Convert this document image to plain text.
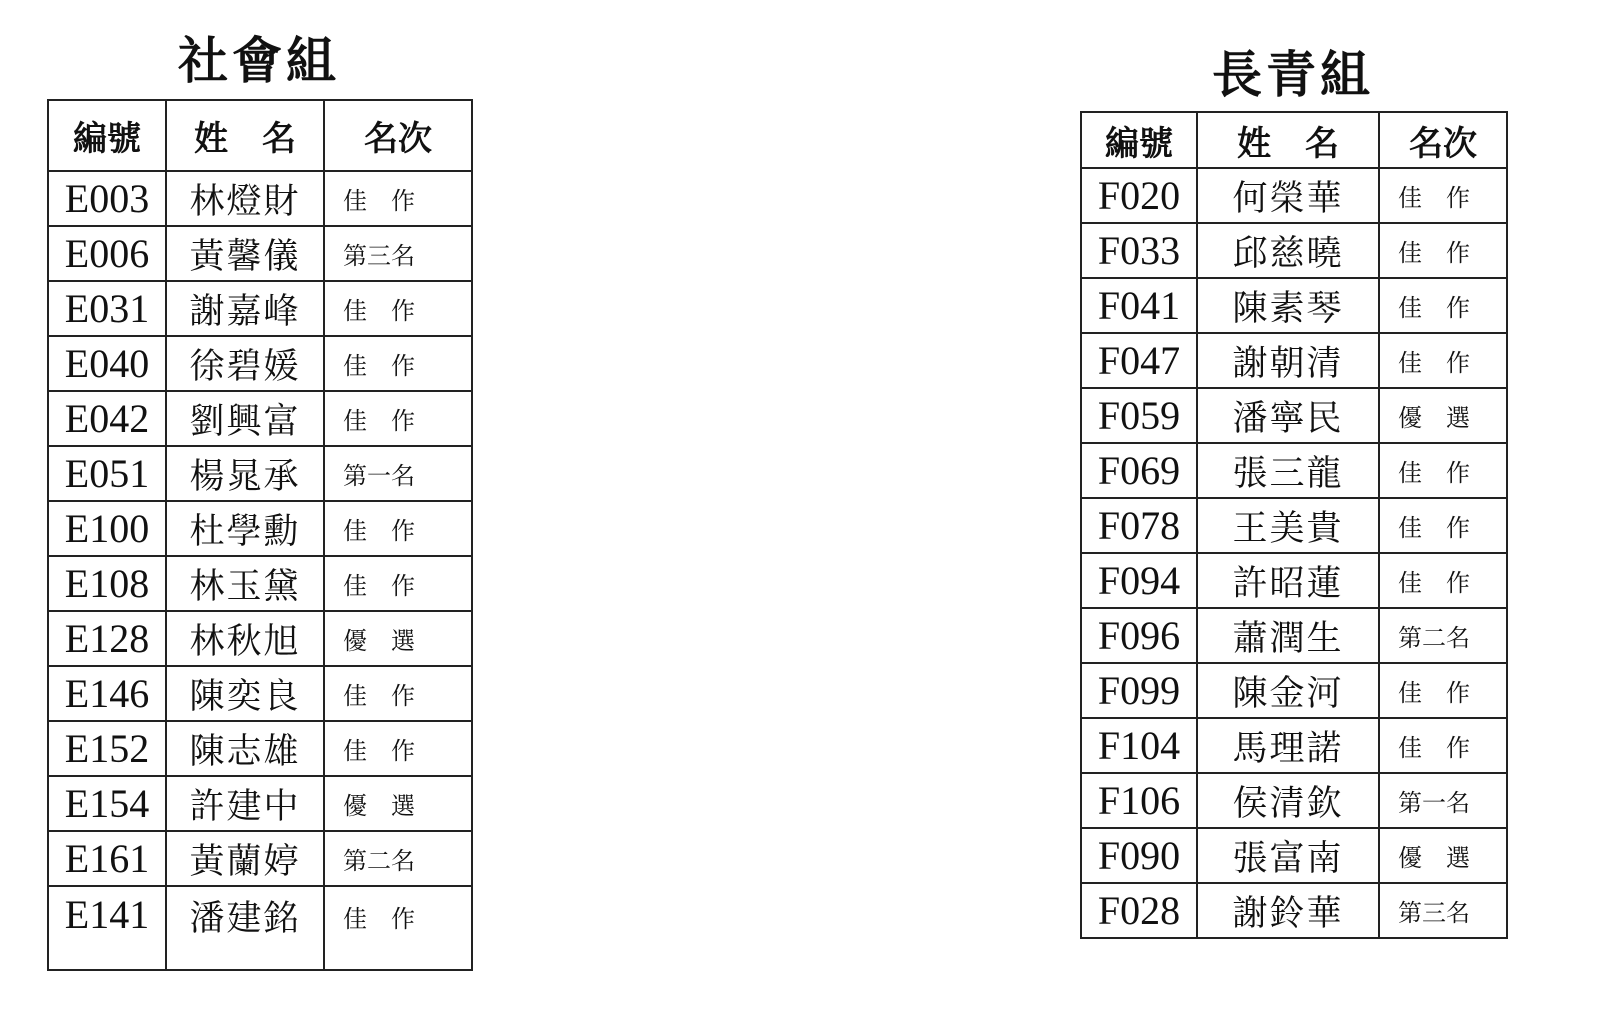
社會組
編號	姓　名	名次
E003	林燈財	佳　作
E006	黃馨儀	第三名
E031	謝嘉峰	佳　作
E040	徐碧媛	佳　作
E042	劉興富	佳　作
E051	楊晁承	第一名
E100	杜學勳	佳　作
E108	林玉黛	佳　作
E128	林秋旭	優　選
E146	陳奕良	佳　作
E152	陳志雄	佳　作
E154	許建中	優　選
E161	黃蘭婷	第二名
E141	潘建銘	佳　作
長青組
編號	姓　名	名次
F020	何榮華	佳　作
F033	邱慈曉	佳　作
F041	陳素琴	佳　作
F047	謝朝清	佳　作
F059	潘寧民	優　選
F069	張三龍	佳　作
F078	王美貴	佳　作
F094	許昭蓮	佳　作
F096	蕭潤生	第二名
F099	陳金河	佳　作
F104	馬理諾	佳　作
F106	侯清欽	第一名
F090	張富南	優　選
F028	謝鈴華	第三名
